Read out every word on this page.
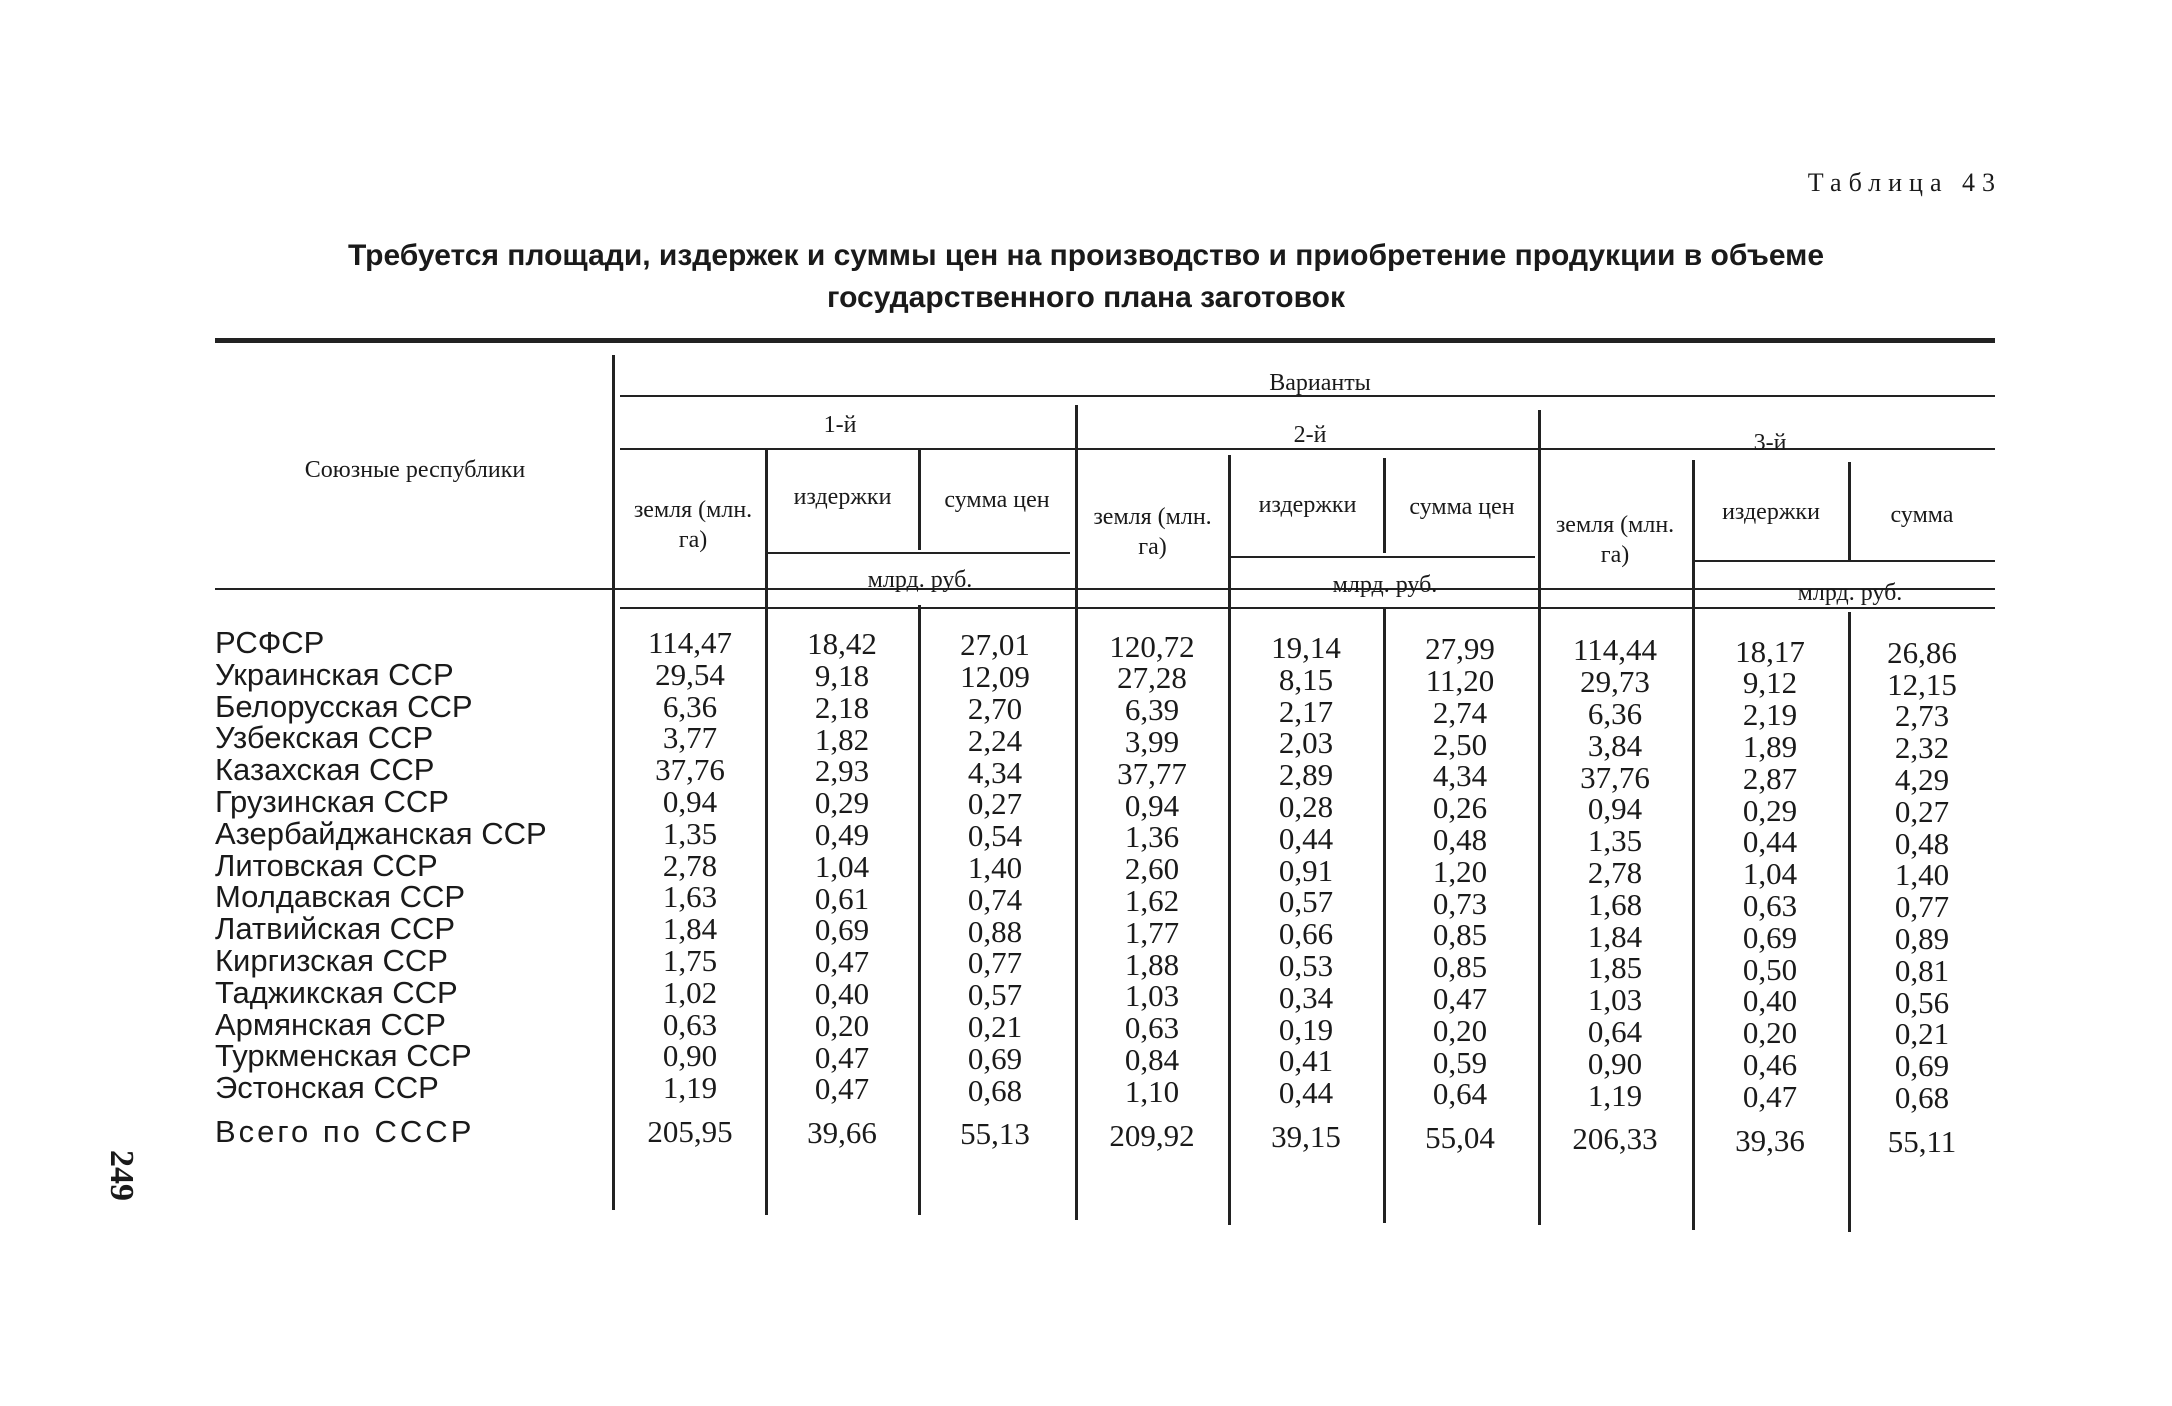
Таблица 43
Требуется площади, издержек и суммы цен на производство и приобретение продукции в объеме
государственного плана заготовок
Союзные республики
Варианты
1-й	2-й	3-й
земля (млн. га)
издержки	сумма цен
млрд. руб.
земля (млн. га)
издержки	сумма цен
млрд. руб.
земля (млн. га)
издержки	сумма
млрд. руб.
РСФСР	114,47	18,42	27,01	120,72	19,14	27,99	114,44	18,17	26,86
Украинская ССР	29,54	9,18	12,09	27,28	8,15	11,20	29,73	9,12	12,15
Белорусская ССР	6,36	2,18	2,70	6,39	2,17	2,74	6,36	2,19	2,73
Узбекская ССР	3,77	1,82	2,24	3,99	2,03	2,50	3,84	1,89	2,32
Казахская ССР	37,76	2,93	4,34	37,77	2,89	4,34	37,76	2,87	4,29
Грузинская ССР	0,94	0,29	0,27	0,94	0,28	0,26	0,94	0,29	0,27
Азербайджанская ССР	1,35	0,49	0,54	1,36	0,44	0,48	1,35	0,44	0,48
Литовская ССР	2,78	1,04	1,40	2,60	0,91	1,20	2,78	1,04	1,40
Молдавская ССР	1,63	0,61	0,74	1,62	0,57	0,73	1,68	0,63	0,77
Латвийская ССР	1,84	0,69	0,88	1,77	0,66	0,85	1,84	0,69	0,89
Киргизская ССР	1,75	0,47	0,77	1,88	0,53	0,85	1,85	0,50	0,81
Таджикская ССР	1,02	0,40	0,57	1,03	0,34	0,47	1,03	0,40	0,56
Армянская ССР	0,63	0,20	0,21	0,63	0,19	0,20	0,64	0,20	0,21
Туркменская ССР	0,90	0,47	0,69	0,84	0,41	0,59	0,90	0,46	0,69
Эстонская ССР	1,19	0,47	0,68	1,10	0,44	0,64	1,19	0,47	0,68
Всего по СССР	205,95	39,66	55,13	209,92	39,15	55,04	206,33	39,36	55,11
249
